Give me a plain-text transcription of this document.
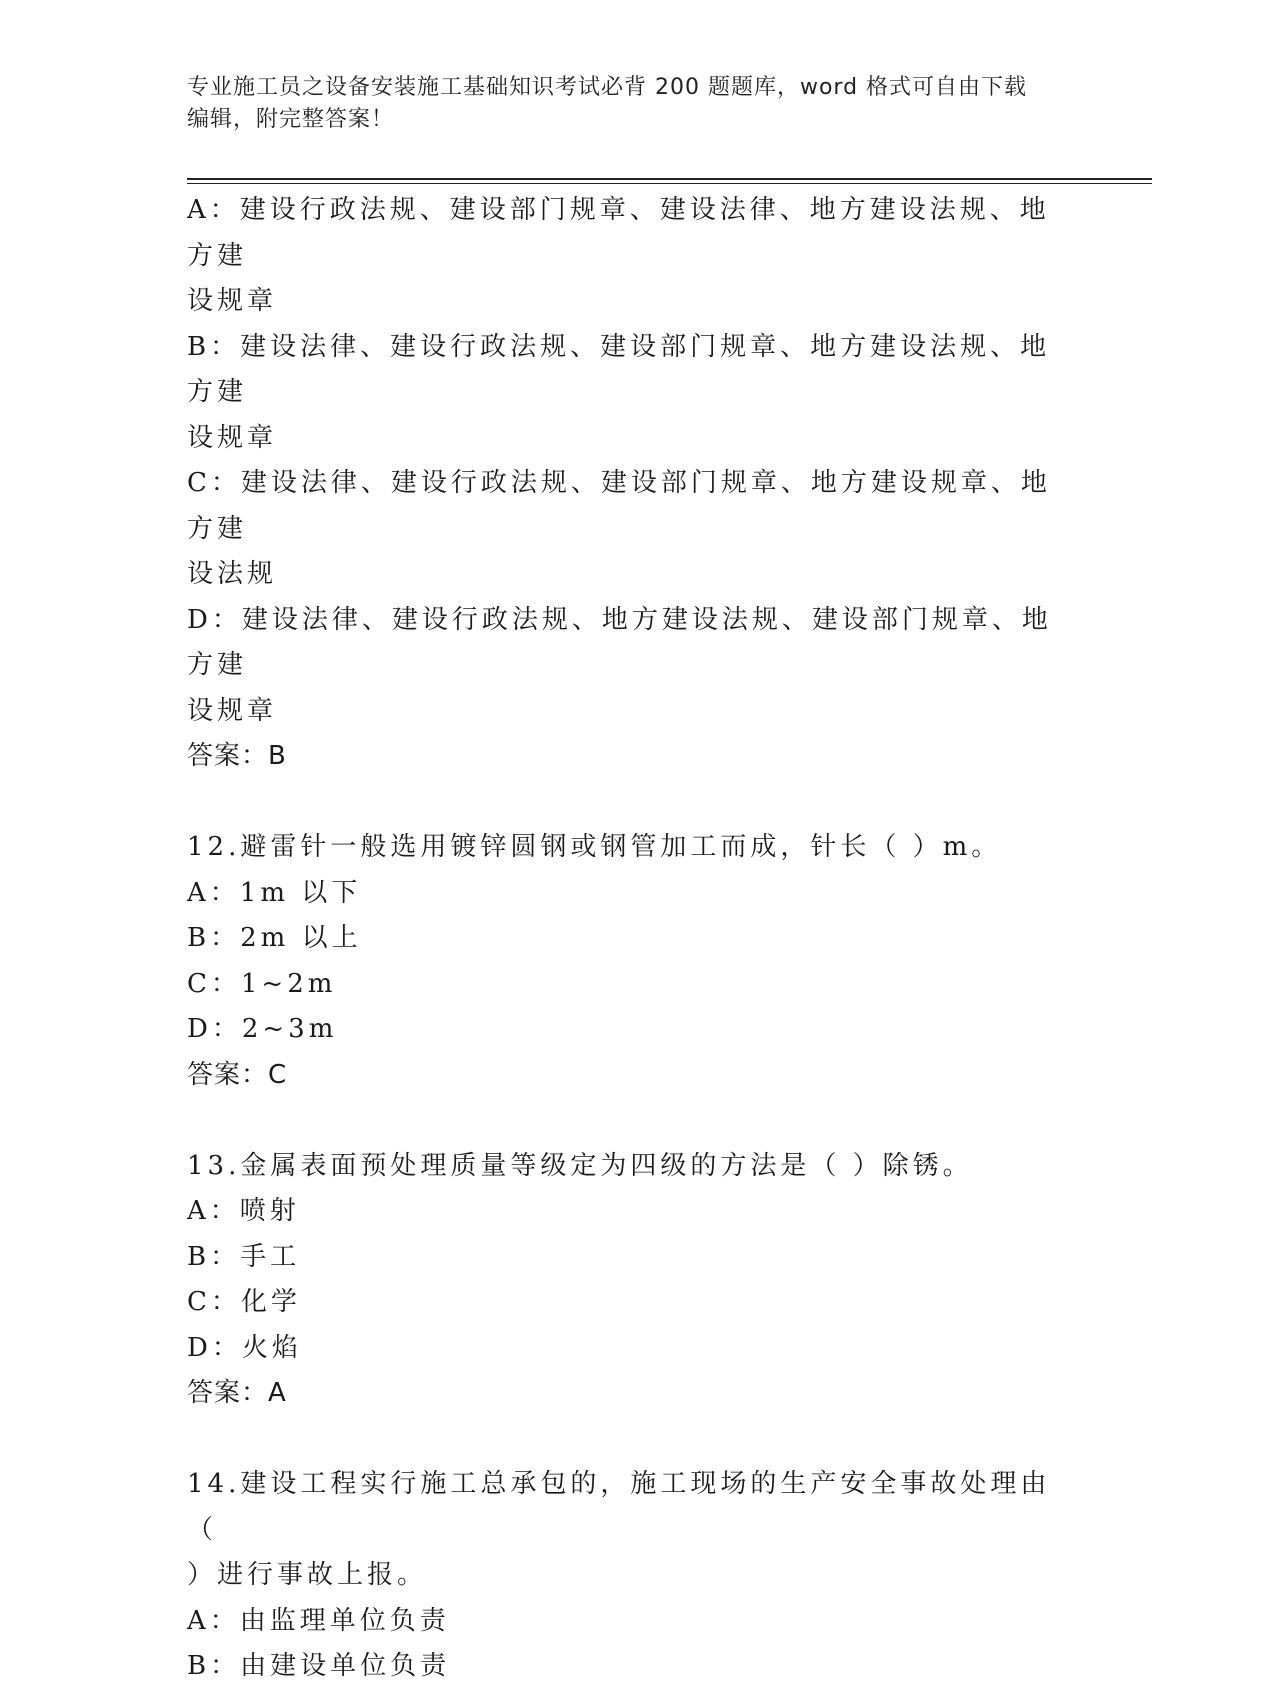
专业施工员之设备安装施工基础知识考试必背 200 题题库，word 格式可自由下载
编辑，附完整答案！
A：建设行政法规、建设部门规章、建设法律、地方建设法规、地方建
设规章
B：建设法律、建设行政法规、建设部门规章、地方建设法规、地方建
设规章
C：建设法律、建设行政法规、建设部门规章、地方建设规章、地方建
设法规
D：建设法律、建设行政法规、地方建设法规、建设部门规章、地方建
设规章
答案：B
12.避雷针一般选用镀锌圆钢或钢管加工而成，针长（ ）m。
A：1m 以下
B：2m 以上
C：1~2m
D：2~3m
答案：C
13.金属表面预处理质量等级定为四级的方法是（ ）除锈。
A：喷射
B：手工
C：化学
D：火焰
答案：A
14.建设工程实行施工总承包的，施工现场的生产安全事故处理由（
）进行事故上报。
A：由监理单位负责
B：由建设单位负责
